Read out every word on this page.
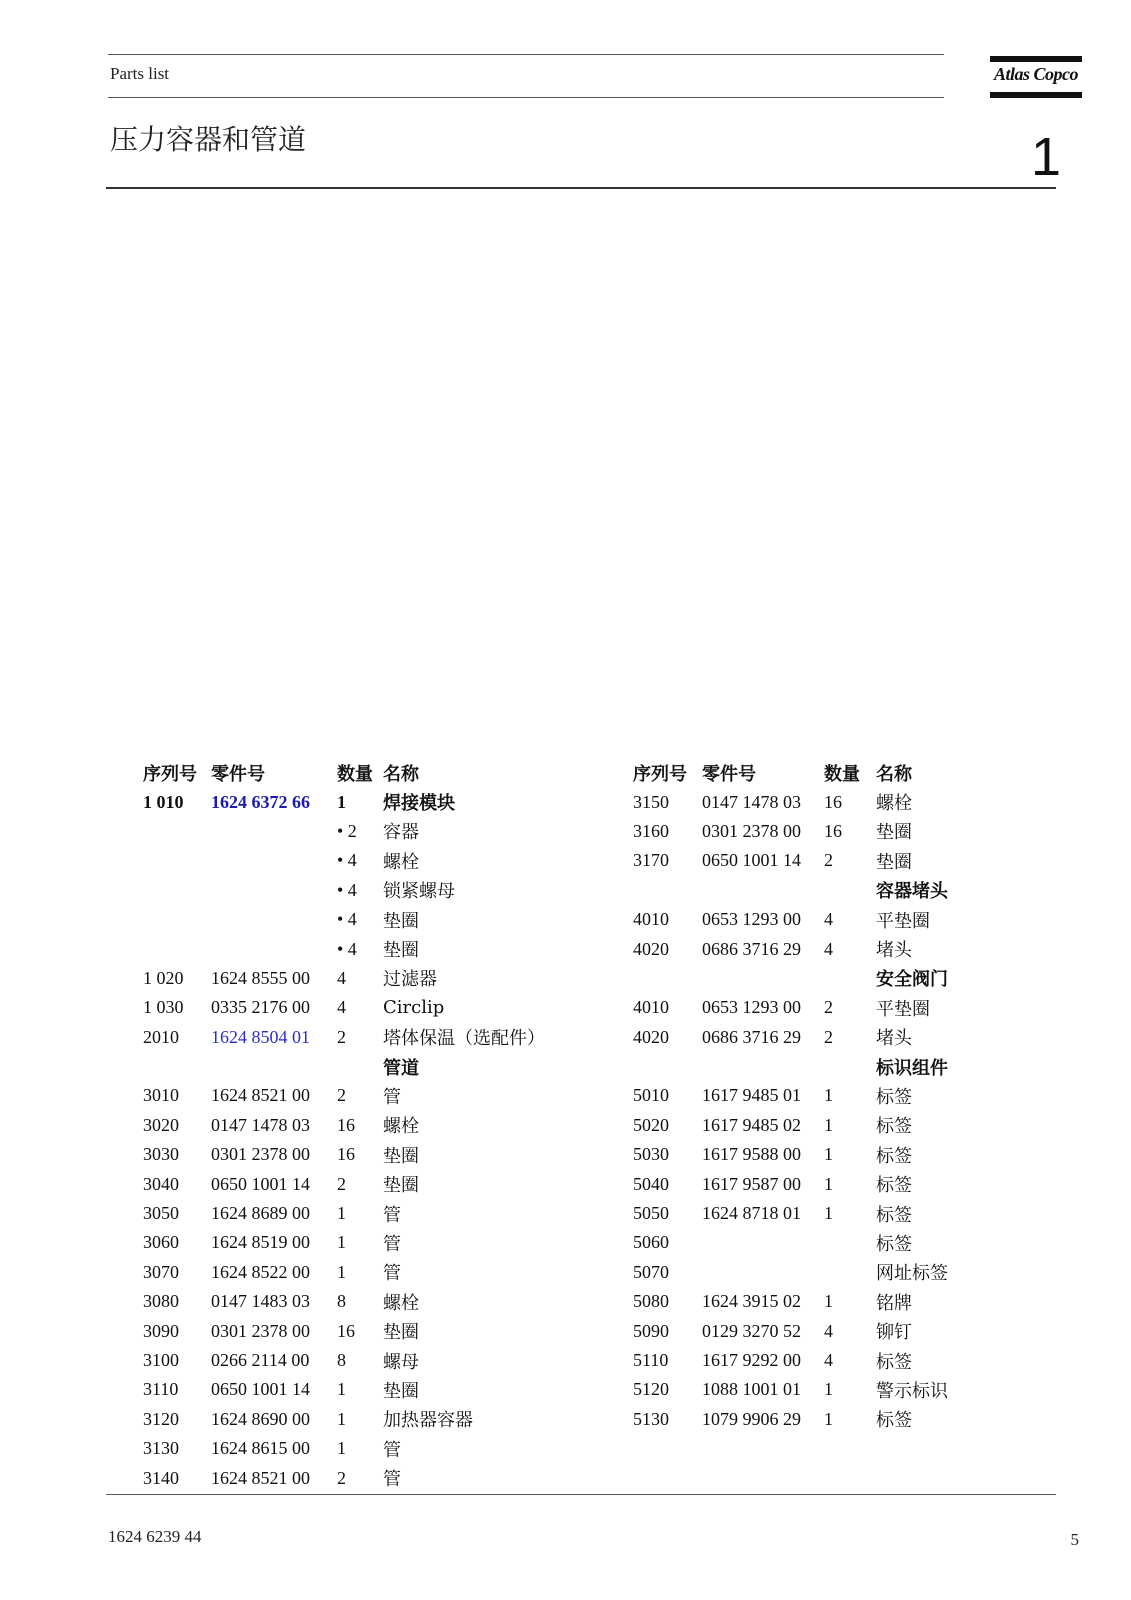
Parts list	Atlas Copco
压力容器和管道	1
序列号	零件号	数量	名称
1 010	1624 6372 66	1	焊接模块
		• 2	容器
		• 4	螺栓
		• 4	锁紧螺母
		• 4	垫圈
		• 4	垫圈
1 020	1624 8555 00	4	过滤器
1 030	0335 2176 00	4	Circlip
2010	1624 8504 01	2	塔体保温（选配件）
			管道
3010	1624 8521 00	2	管
3020	0147 1478 03	16	螺栓
3030	0301 2378 00	16	垫圈
3040	0650 1001 14	2	垫圈
3050	1624 8689 00	1	管
3060	1624 8519 00	1	管
3070	1624 8522 00	1	管
3080	0147 1483 03	8	螺栓
3090	0301 2378 00	16	垫圈
3100	0266 2114 00	8	螺母
3110	0650 1001 14	1	垫圈
3120	1624 8690 00	1	加热器容器
3130	1624 8615 00	1	管
3140	1624 8521 00	2	管
序列号	零件号	数量	名称
3150	0147 1478 03	16	螺栓
3160	0301 2378 00	16	垫圈
3170	0650 1001 14	2	垫圈
			容器堵头
4010	0653 1293 00	4	平垫圈
4020	0686 3716 29	4	堵头
			安全阀门
4010	0653 1293 00	2	平垫圈
4020	0686 3716 29	2	堵头
			标识组件
5010	1617 9485 01	1	标签
5020	1617 9485 02	1	标签
5030	1617 9588 00	1	标签
5040	1617 9587 00	1	标签
5050	1624 8718 01	1	标签
5060			标签
5070			网址标签
5080	1624 3915 02	1	铭牌
5090	0129 3270 52	4	铆钉
5110	1617 9292 00	4	标签
5120	1088 1001 01	1	警示标识
5130	1079 9906 29	1	标签
1624 6239 44	5
